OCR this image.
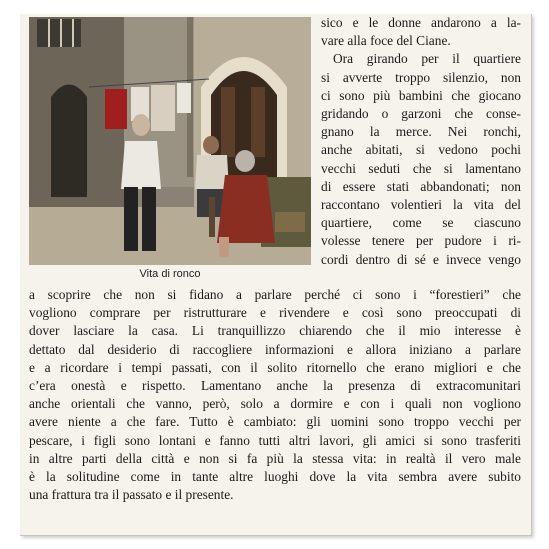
Vita di ronco
sico e le donne andarono a la-
vare alla foce del Ciane.
Ora girando per il quartiere
si avverte troppo silenzio, non
ci sono più bambini che giocano
gridando o garzoni che conse-
gnano la merce. Nei ronchi,
anche abitati, si vedono pochi
vecchi seduti che si lamentano
di essere stati abbandonati; non
raccontano volentieri la vita del
quartiere, come se ciascuno
volesse tenere per pudore i ri-
cordi dentro di sé e invece vengo
a scoprire che non si fidano a parlare perché ci sono i “forestieri” che
vogliono comprare per ristrutturare e rivendere e così sono preoccupati di
dover lasciare la casa. Li tranquillizzo chiarendo che il mio interesse è
dettato dal desiderio di raccogliere informazioni e allora iniziano a parlare
e a ricordare i tempi passati, con il solito ritornello che erano migliori e che
c’era onestà e rispetto. Lamentano anche la presenza di extracomunitari
anche orientali che vanno, però, solo a dormire e con i quali non vogliono
avere niente a che fare. Tutto è cambiato: gli uomini sono troppo vecchi per
pescare, i figli sono lontani e fanno tutti altri lavori, gli amici si sono trasferiti
in altre parti della città e non si fa più la stessa vita: in realtà il vero male
è la solitudine come in tante altre luoghi dove la vita sembra avere subito
una frattura tra il passato e il presente.
